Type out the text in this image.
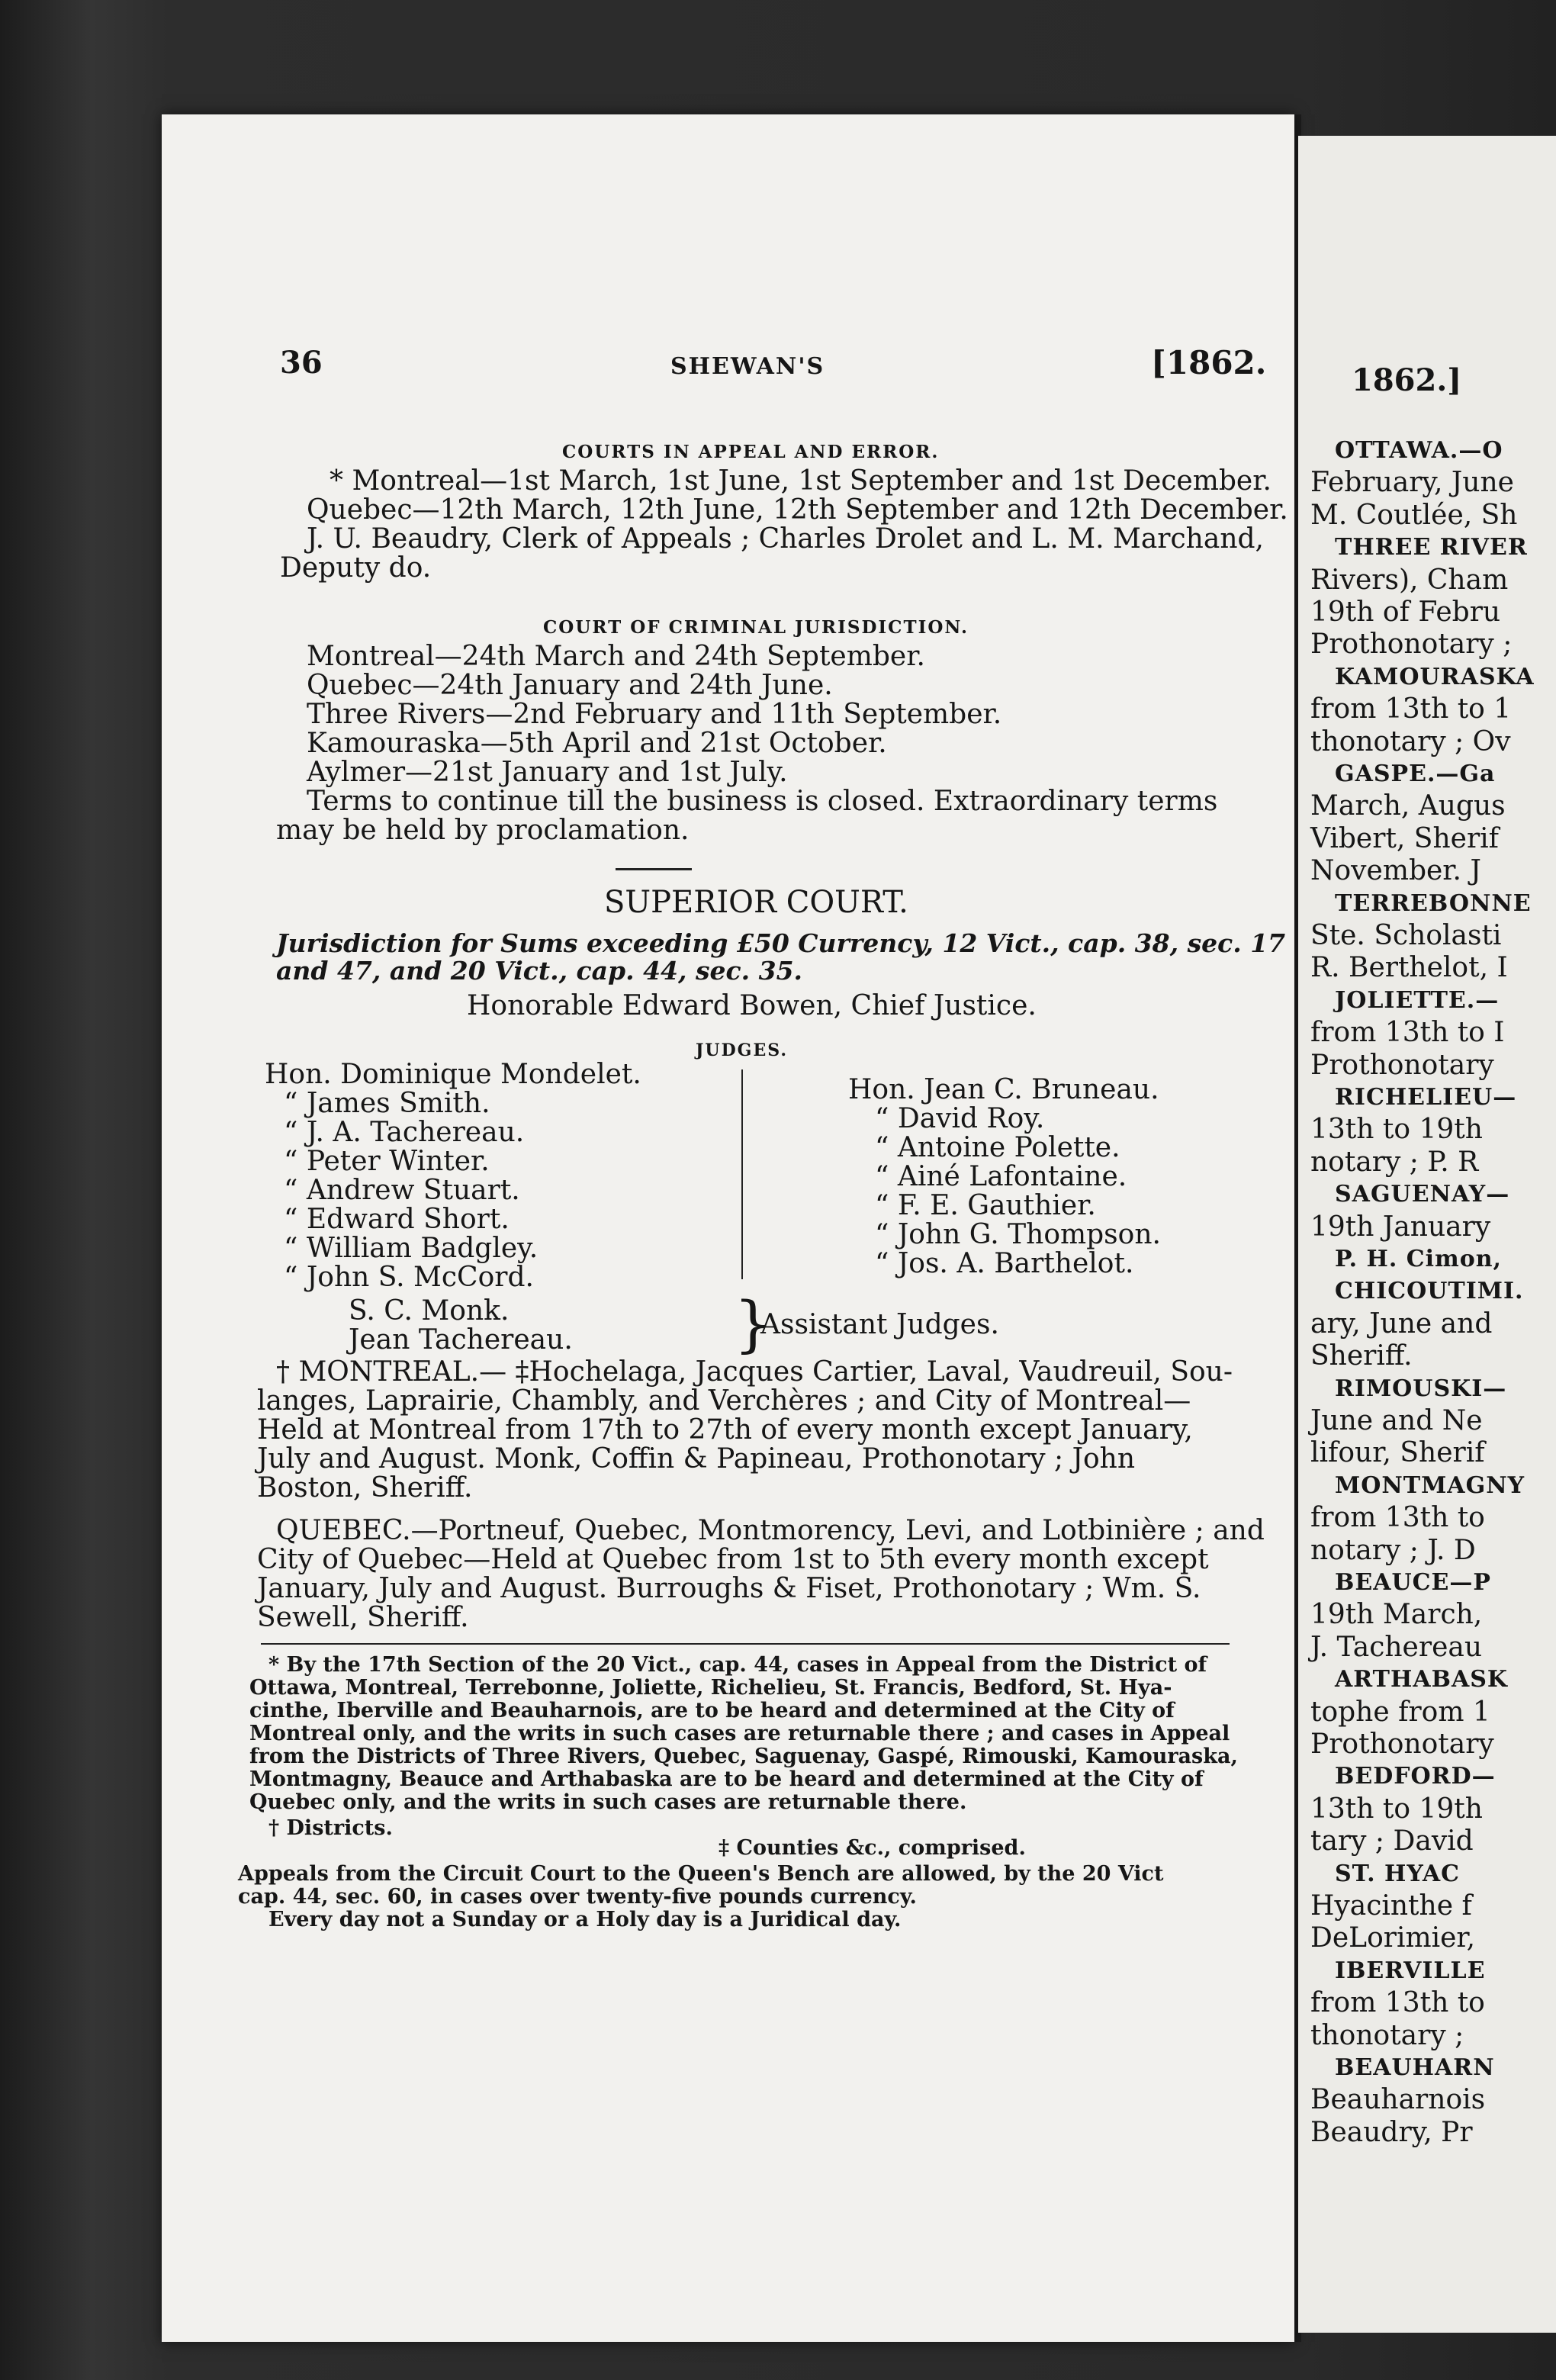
36	SHEWAN'S	[1862.
COURTS IN APPEAL AND ERROR.
* Montreal—1st March, 1st June, 1st September and 1st December.
Quebec—12th March, 12th June, 12th September and 12th December.
J. U. Beaudry, Clerk of Appeals ; Charles Drolet and L. M. Marchand,
Deputy do.
COURT OF CRIMINAL JURISDICTION.
Montreal—24th March and 24th September.
Quebec—24th January and 24th June.
Three Rivers—2nd February and 11th September.
Kamouraska—5th April and 21st October.
Aylmer—21st January and 1st July.
Terms to continue till the business is closed. Extraordinary terms
may be held by proclamation.
SUPERIOR COURT.
Jurisdiction for Sums exceeding £50 Currency, 12 Vict., cap. 38, sec. 17
and 47, and 20 Vict., cap. 44, sec. 35.
Honorable Edward Bowen, Chief Justice.
JUDGES.
Hon. Dominique Mondelet.
“ James Smith.
“ J. A. Tachereau.
“ Peter Winter.
“ Andrew Stuart.
“ Edward Short.
“ William Badgley.
“ John S. McCord.
Hon. Jean C. Bruneau.
“ David Roy.
“ Antoine Polette.
“ Ainé Lafontaine.
“ F. E. Gauthier.
“ John G. Thompson.
“ Jos. A. Barthelot.
S. C. Monk.
Jean Tachereau.	}
Assistant Judges.
† MONTREAL.— ‡Hochelaga, Jacques Cartier, Laval, Vaudreuil, Sou-
langes, Laprairie, Chambly, and Verchères ; and City of Montreal—
Held at Montreal from 17th to 27th of every month except January,
July and August. Monk, Coffin & Papineau, Prothonotary ; John
Boston, Sheriff.
QUEBEC.—Portneuf, Quebec, Montmorency, Levi, and Lotbinière ; and
City of Quebec—Held at Quebec from 1st to 5th every month except
January, July and August. Burroughs & Fiset, Prothonotary ; Wm. S.
Sewell, Sheriff.
* By the 17th Section of the 20 Vict., cap. 44, cases in Appeal from the District of
Ottawa, Montreal, Terrebonne, Joliette, Richelieu, St. Francis, Bedford, St. Hya-
cinthe, Iberville and Beauharnois, are to be heard and determined at the City of
Montreal only, and the writs in such cases are returnable there ; and cases in Appeal
from the Districts of Three Rivers, Quebec, Saguenay, Gaspé, Rimouski, Kamouraska,
Montmagny, Beauce and Arthabaska are to be heard and determined at the City of
Quebec only, and the writs in such cases are returnable there.
† Districts.
‡ Counties &c., comprised.
Appeals from the Circuit Court to the Queen's Bench are allowed, by the 20 Vict
cap. 44, sec. 60, in cases over twenty-five pounds currency.
Every day not a Sunday or a Holy day is a Juridical day.
1862.]
OTTAWA.—O
February, June
M. Coutlée, Sh
THREE RIVER
Rivers), Cham
19th of Febru
Prothonotary ;
KAMOURASKA
from 13th to 1
thonotary ; Ov
GASPE.—Ga
March, Augus
Vibert, Sherif
November. J
TERREBONNE
Ste. Scholasti
R. Berthelot, I
JOLIETTE.—
from 13th to I
Prothonotary
RICHELIEU—
13th to 19th
notary ; P. R
SAGUENAY—
19th January
P. H. Cimon,
CHICOUTIMI.
ary, June and
Sheriff.
RIMOUSKI—
June and Ne
lifour, Sherif
MONTMAGNY
from 13th to
notary ; J. D
BEAUCE—P
19th March,
J. Tachereau
ARTHABASK
tophe from 1
Prothonotary
BEDFORD—
13th to 19th
tary ; David
ST. HYAC
Hyacinthe f
DeLorimier,
IBERVILLE
from 13th to
thonotary ;
BEAUHARN
Beauharnois
Beaudry, Pr
